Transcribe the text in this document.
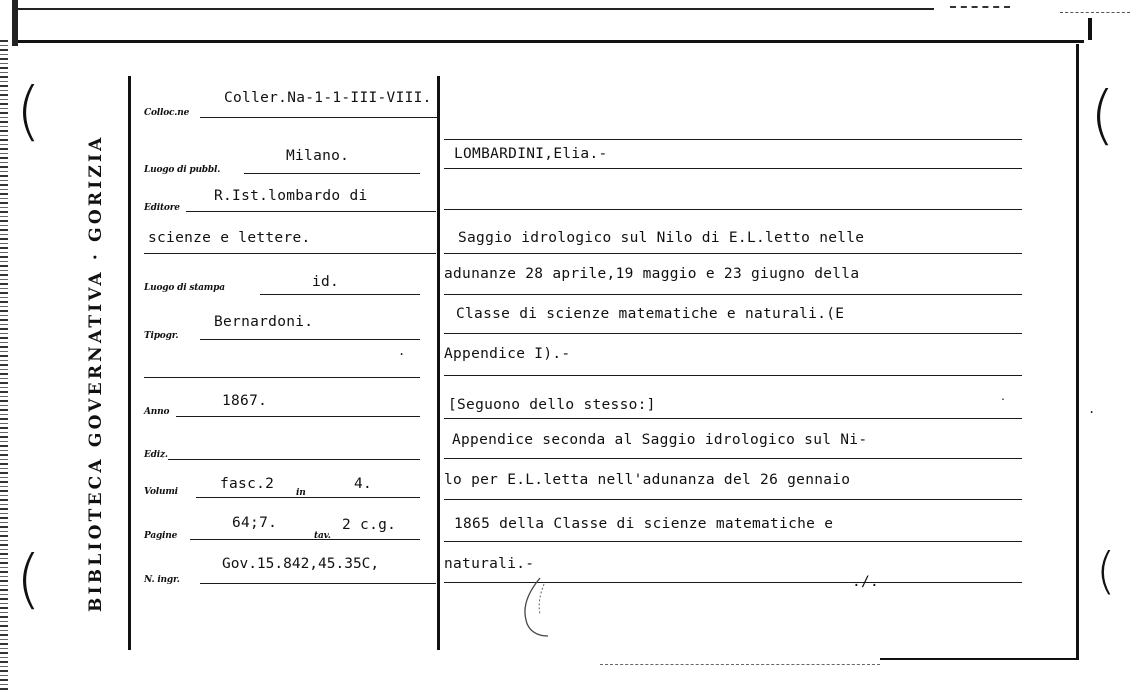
(
(
(
(
BIBLIOTECA GOVERNATIVA · GORIZIA
Colloc.ne
Coller.Na-1-1-III-VIII.
Luogo di pubbl.
Milano.
Editore
R.Ist.lombardo di
scienze e lettere.
Luogo di stampa	id.
Tipogr.
Bernardoni.
.
Anno
1867.
Ediz.
Volumi	fasc.2
in
4.
Pagine
64;7.
tav.
2 c.g.
N. ingr.
Gov.15.842,45.35C,
LOMBARDINI,Elia.-
Saggio idrologico sul Nilo di E.L.letto nelle
adunanze 28 aprile,19 maggio e 23 giugno della
Classe di scienze matematiche e naturali.(E
Appendice I).-
[Seguono dello stesso:]
Appendice seconda al Saggio idrologico sul Ni-
lo per E.L.letta nell'adunanza del 26 gennaio
1865 della Classe di scienze matematiche e
naturali.-
./.
.
.
